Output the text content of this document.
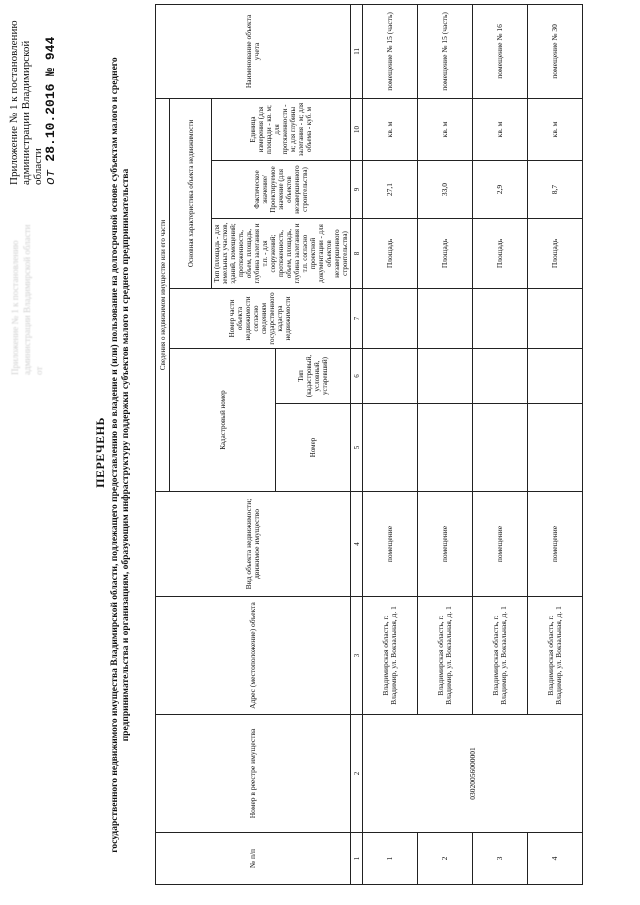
Приложение № 1 к постановлению администрации Владимирской области от
Приложение № 1 к постановлению администрации Владимирской области от 28.10.2016 № 944
ПЕРЕЧЕНЬ государственного недвижимого имущества Владимирской области, подлежащего предоставлению во владение и (или) пользование на долгосрочной основе субъектам малого и среднего предпринимательства и организациям, образующим инфраструктуру поддержки субъектов малого и среднего предпринимательства
№ п/п	Номер в реестре имущества	Адрес (местоположение) объекта	Вид объекта недвижимости; движимое имущество	Сведения о недвижимом имуществе или его части						Наименование объекта учета
				Кадастровый номер		Номер части объекта недвижимости согласно сведениям государственного кадастра недвижимости	Основная характеристика объекта недвижимости			
							Тип (площадь - для земельных участков, зданий, помещений; протяженность, объем, площадь, глубина залегания и т.п. - для сооружений; протяженность, объем, площадь, глубина залегания и т.п. согласно проектной документации - для объектов незавершенного строительства)	Фактическое значение/ Проектируемое значение (для объектов незавершенного строительства)	Единица измерения (для площади - кв. м; для протяженности - м; для глубины залегания - м; для объема - куб. м	
				Номер	Тип (кадастровый, условный, устаревший)					
1	2	3	4	5	6	7	8	9	10	11
1	03020056000001	Владимирская область, г. Владимир, ул. Вокзальная, д. 1	помещение				Площадь	27,1	кв. м	помещение № 15 (часть)
2		Владимирская область, г. Владимир, ул. Вокзальная, д. 1	помещение				Площадь	33,0	кв. м	помещение № 15 (часть)
3		Владимирская область, г. Владимир, ул. Вокзальная, д. 1	помещение				Площадь	2,9	кв. м	помещение № 16
4		Владимирская область, г. Владимир, ул. Вокзальная, д. 1	помещение				Площадь	8,7	кв. м	помещение № 30
